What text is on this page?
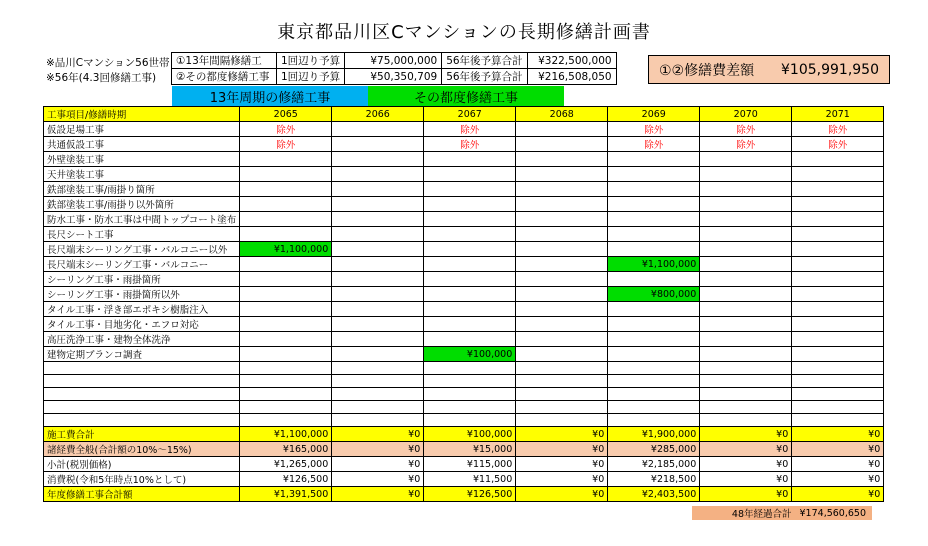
東京都品川区Cマンションの長期修繕計画書
※品川Cマンション56世帯
※56年(4.3回修繕工事)
①13年間隔修繕工	1回辺り予算	¥75,000,000	56年後予算合計	¥322,500,000
②その都度修繕工事	1回辺り予算	¥50,350,709	56年後予算合計	¥216,508,050	①②修繕費差額 ¥105,991,950
13年周期の修繕工事	その都度修繕工事
工事項目/修繕時期	2065	2066	2067	2068	2069	2070	2071
仮設足場工事	除外		除外		除外	除外	除外
共通仮設工事	除外		除外		除外	除外	除外
外壁塗装工事							
天井塗装工事							
鉄部塗装工事/雨掛り箇所							
鉄部塗装工事/雨掛り以外箇所							
防水工事・防水工事は中間トップコート塗布							
長尺シート工事							
長尺端末シーリング工事・バルコニー以外	¥1,100,000						
長尺端末シーリング工事・バルコニー					¥1,100,000		
シーリング工事・雨掛箇所							
シーリング工事・雨掛箇所以外					¥800,000		
タイル工事・浮き部エポキシ樹脂注入							
タイル工事・目地劣化・エフロ対応							
高圧洗浄工事・建物全体洗浄							
建物定期ブランコ調査			¥100,000				

施工費合計	¥1,100,000	¥0	¥100,000	¥0	¥1,900,000	¥0	¥0
諸経費全般(合計額の10%～15%)	¥165,000	¥0	¥15,000	¥0	¥285,000	¥0	¥0
小計(税別価格)	¥1,265,000	¥0	¥115,000	¥0	¥2,185,000	¥0	¥0
消費税(令和5年時点10%として)	¥126,500	¥0	¥11,500	¥0	¥218,500	¥0	¥0
年度修繕工事合計額	¥1,391,500	¥0	¥126,500	¥0	¥2,403,500	¥0	¥0
48年経過合計 ¥174,560,650
